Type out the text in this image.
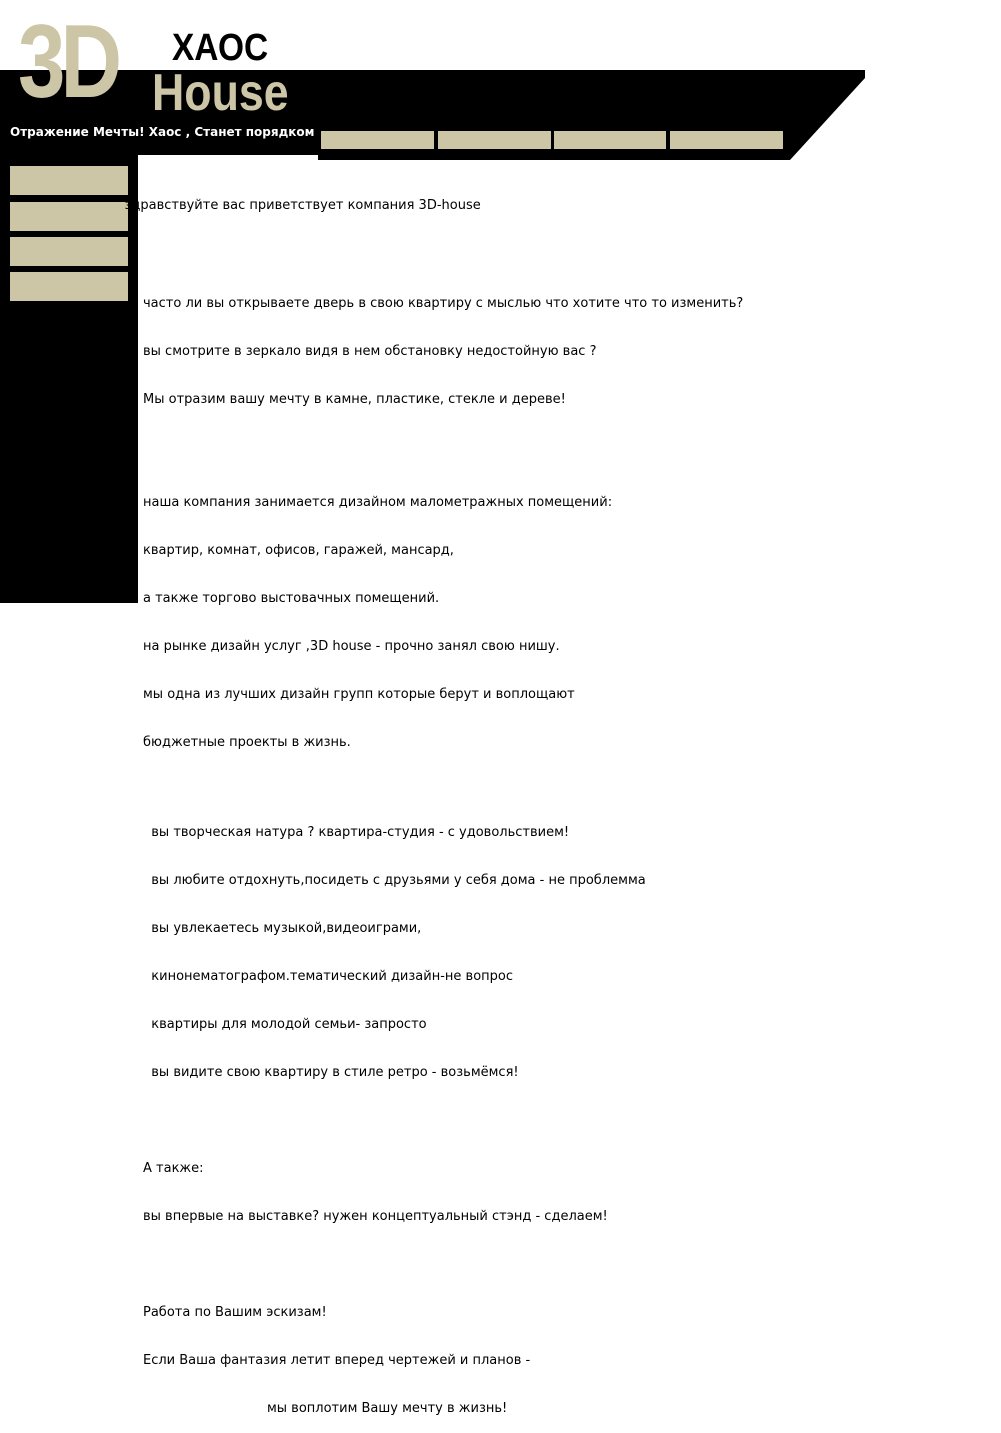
3D ХАОС
House
Отражение Мечты! Хаос , Станет порядком

здравствуйте вас приветствует компания 3D-house

часто ли вы открываете дверь в свою квартиру с мыслью что хотите что то изменить?

вы смотрите в зеркало видя в нем обстановку недостойную вас ?

Мы отразим вашу мечту в камне, пластике, стекле и дереве!

наша компания занимается дизайном малометражных помещений:

квартир, комнат, офисов, гаражей, мансард,

а также торгово выстовачных помещений.

на рынке дизайн услуг ,3D house - прочно занял свою нишу.

мы одна из лучших дизайн групп которые берут и воплощают

бюджетные проекты в жизнь.

вы творческая натура ? квартира-студия - с удовольствием!

вы любите отдохнуть,посидеть с друзьями у себя дома - не проблемма

вы увлекаетесь музыкой,видеоиграми,

кинонематографом.тематический дизайн-не вопрос

квартиры для молодой семьи- запросто

вы видите свою квартиру в стиле ретро - возьмёмся!

А также:

вы впервые на выставке? нужен концептуальный стэнд - сделаем!

Работа по Вашим эскизам!

Если Ваша фантазия летит вперед чертежей и планов -

мы воплотим Вашу мечту в жизнь!
